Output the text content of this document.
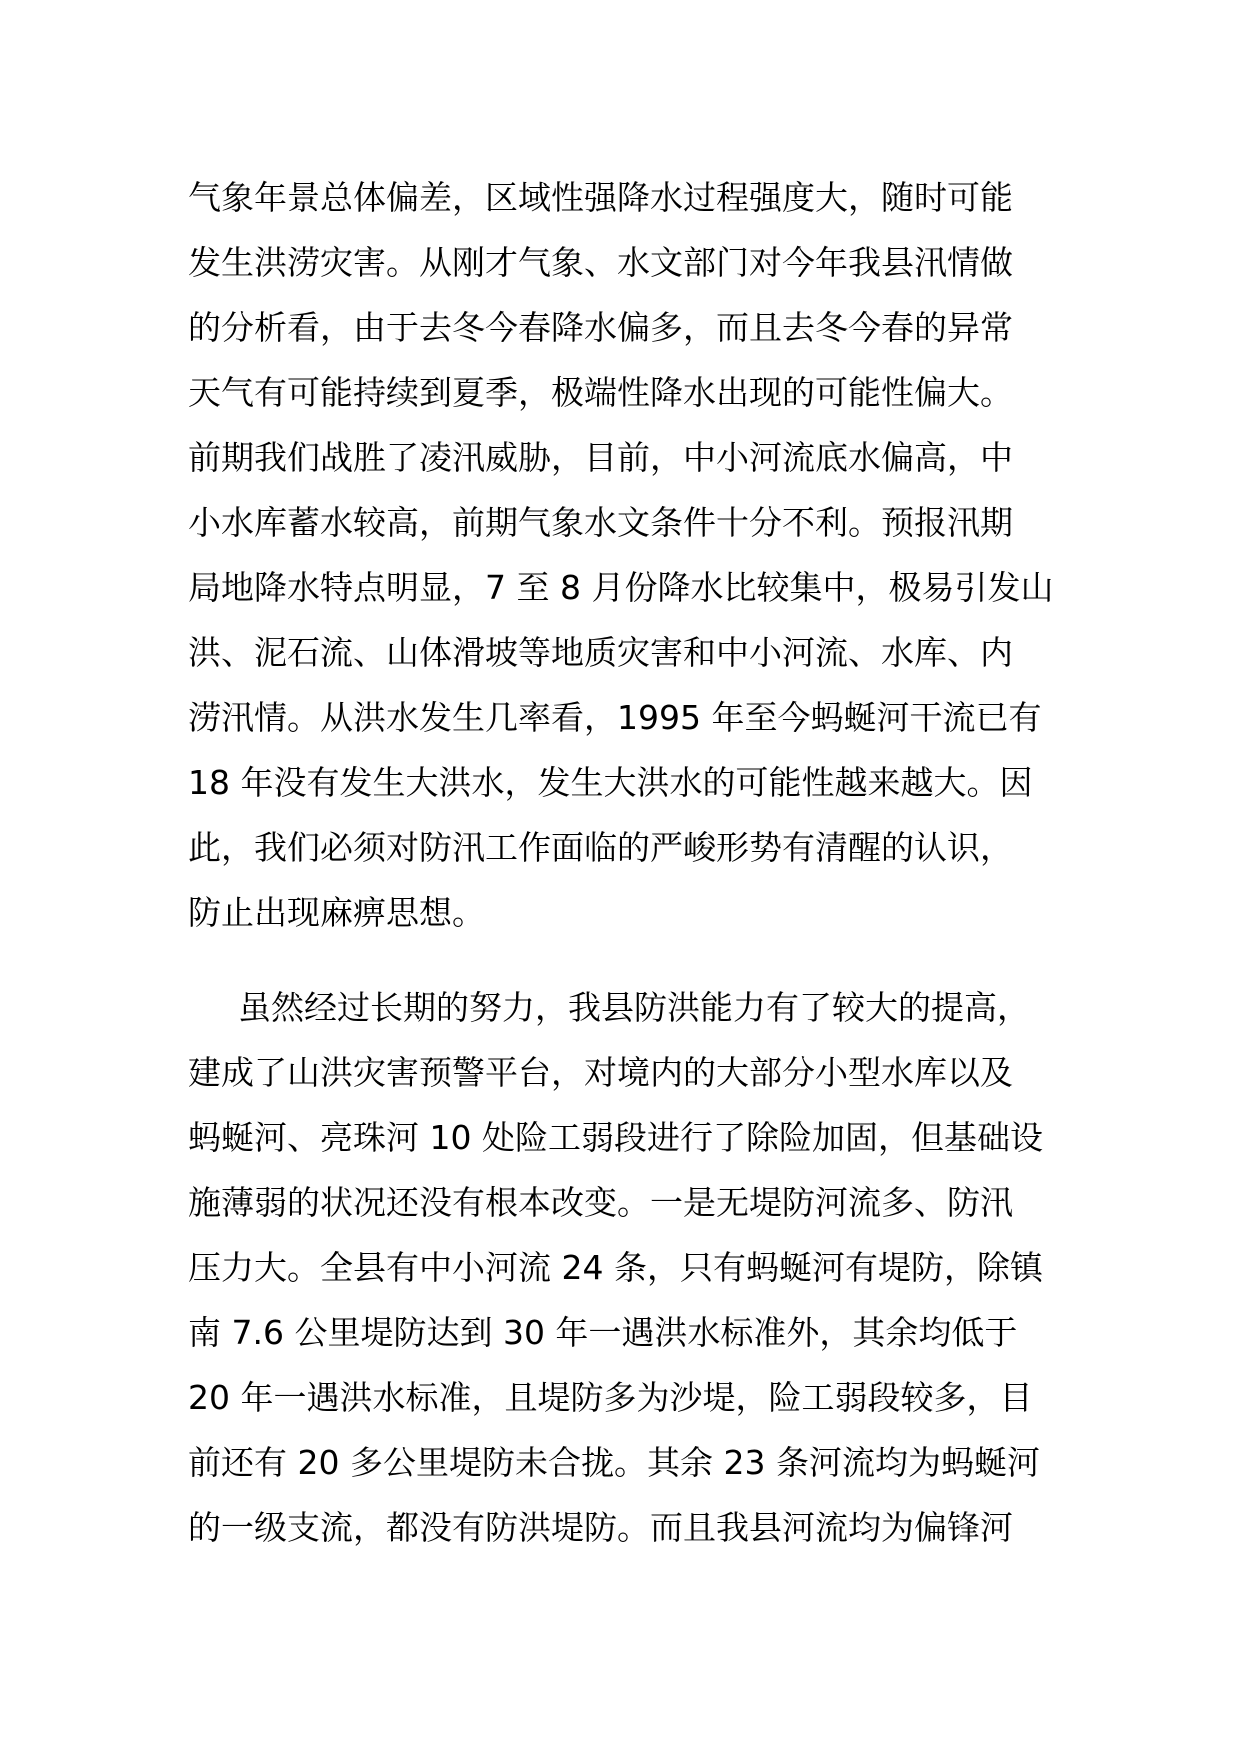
气象年景总体偏差，区域性强降水过程强度大，随时可能
发生洪涝灾害。从刚才气象、水文部门对今年我县汛情做
的分析看，由于去冬今春降水偏多，而且去冬今春的异常
天气有可能持续到夏季，极端性降水出现的可能性偏大。
前期我们战胜了凌汛威胁，目前，中小河流底水偏高，中
小水库蓄水较高，前期气象水文条件十分不利。预报汛期
局地降水特点明显，7 至 8 月份降水比较集中，极易引发山
洪、泥石流、山体滑坡等地质灾害和中小河流、水库、内
涝汛情。从洪水发生几率看，1995 年至今蚂蜒河干流已有
18 年没有发生大洪水，发生大洪水的可能性越来越大。因
此，我们必须对防汛工作面临的严峻形势有清醒的认识，
防止出现麻痹思想。
虽然经过长期的努力，我县防洪能力有了较大的提高，
建成了山洪灾害预警平台，对境内的大部分小型水库以及
蚂蜒河、亮珠河 10 处险工弱段进行了除险加固，但基础设
施薄弱的状况还没有根本改变。一是无堤防河流多、防汛
压力大。全县有中小河流 24 条，只有蚂蜒河有堤防，除镇
南 7.6 公里堤防达到 30 年一遇洪水标准外，其余均低于
20 年一遇洪水标准，且堤防多为沙堤，险工弱段较多，目
前还有 20 多公里堤防未合拢。其余 23 条河流均为蚂蜒河
的一级支流，都没有防洪堤防。而且我县河流均为偏锋河
